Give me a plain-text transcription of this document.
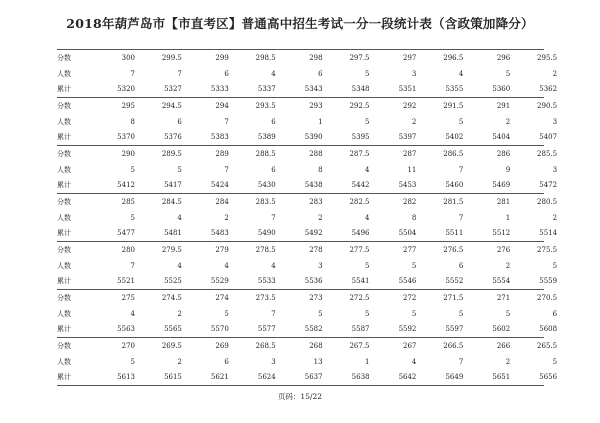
2018年葫芦岛市【市直考区】普通高中招生考试一分一段统计表（含政策加降分）
分数	300	299.5	299	298.5	298	297.5	297	296.5	296	295.5
人数	7	7	6	4	6	5	3	4	5	2
累计	5320	5327	5333	5337	5343	5348	5351	5355	5360	5362
分数	295	294.5	294	293.5	293	292.5	292	291.5	291	290.5
人数	8	6	7	6	1	5	2	5	2	3
累计	5370	5376	5383	5389	5390	5395	5397	5402	5404	5407
分数	290	289.5	289	288.5	288	287.5	287	286.5	286	285.5
人数	5	5	7	6	8	4	11	7	9	3
累计	5412	5417	5424	5430	5438	5442	5453	5460	5469	5472
分数	285	284.5	284	283.5	283	282.5	282	281.5	281	280.5
人数	5	4	2	7	2	4	8	7	1	2
累计	5477	5481	5483	5490	5492	5496	5504	5511	5512	5514
分数	280	279.5	279	278.5	278	277.5	277	276.5	276	275.5
人数	7	4	4	4	3	5	5	6	2	5
累计	5521	5525	5529	5533	5536	5541	5546	5552	5554	5559
分数	275	274.5	274	273.5	273	272.5	272	271.5	271	270.5
人数	4	2	5	7	5	5	5	5	5	6
累计	5563	5565	5570	5577	5582	5587	5592	5597	5602	5608
分数	270	269.5	269	268.5	268	267.5	267	266.5	266	265.5
人数	5	2	6	3	13	1	4	7	2	5
累计	5613	5615	5621	5624	5637	5638	5642	5649	5651	5656
页码：15/22
